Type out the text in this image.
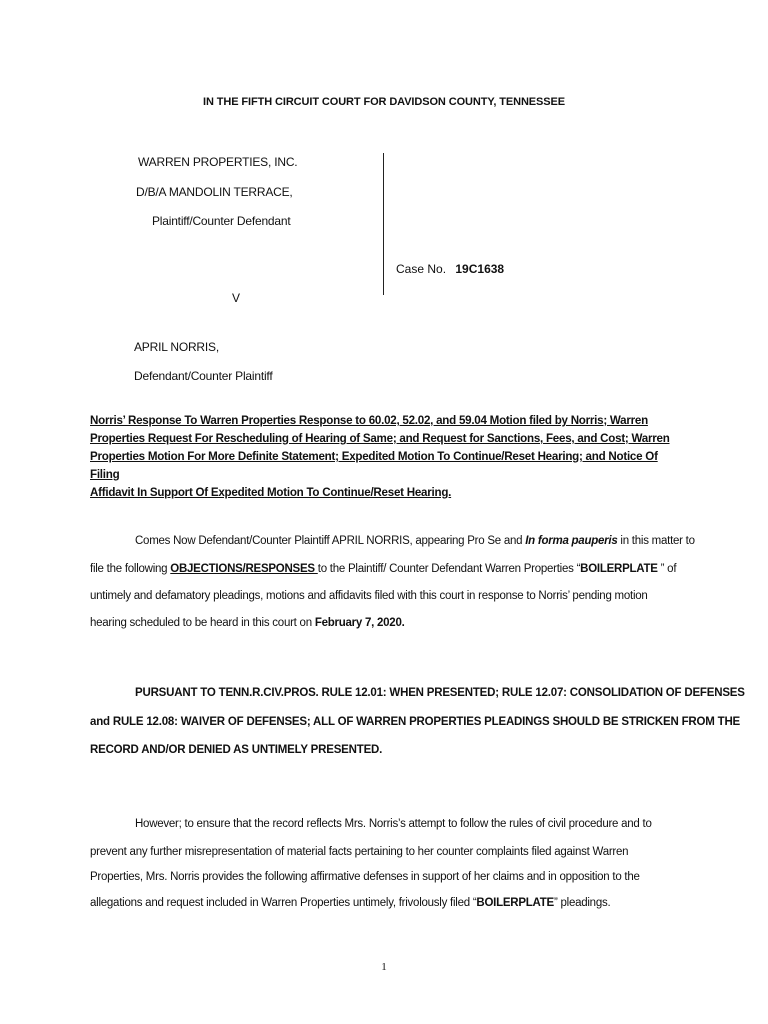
IN THE FIFTH CIRCUIT COURT FOR DAVIDSON COUNTY, TENNESSEE
WARREN PROPERTIES, INC.
D/B/A MANDOLIN TERRACE,
Plaintiff/Counter Defendant
Case No. 19C1638
V
APRIL NORRIS,
Defendant/Counter Plaintiff
Norris’ Response To Warren Properties Response to 60.02, 52.02, and 59.04 Motion filed by Norris; Warren
Properties Request For Rescheduling of Hearing of Same; and Request for Sanctions, Fees, and Cost; Warren
Properties Motion For More Definite Statement; Expedited Motion To Continue/Reset Hearing; and Notice Of Filing
Affidavit In Support Of Expedited Motion To Continue/Reset Hearing.
Comes Now Defendant/Counter Plaintiff APRIL NORRIS, appearing Pro Se and In forma pauperis in this matter to
file the following OBJECTIONS/RESPONSES to the Plaintiff/ Counter Defendant Warren Properties “BOILERPLATE ” of
untimely and defamatory pleadings, motions and affidavits filed with this court in response to Norris’ pending motion
hearing scheduled to be heard in this court on February 7, 2020.
PURSUANT TO TENN.R.CIV.PROS. RULE 12.01: WHEN PRESENTED; RULE 12.07: CONSOLIDATION OF DEFENSES
and RULE 12.08: WAIVER OF DEFENSES; ALL OF WARREN PROPERTIES PLEADINGS SHOULD BE STRICKEN FROM THE
RECORD AND/OR DENIED AS UNTIMELY PRESENTED.
However; to ensure that the record reflects Mrs. Norris’s attempt to follow the rules of civil procedure and to
prevent any further misrepresentation of material facts pertaining to her counter complaints filed against Warren
Properties, Mrs. Norris provides the following affirmative defenses in support of her claims and in opposition to the
allegations and request included in Warren Properties untimely, frivolously filed “BOILERPLATE” pleadings.
1
